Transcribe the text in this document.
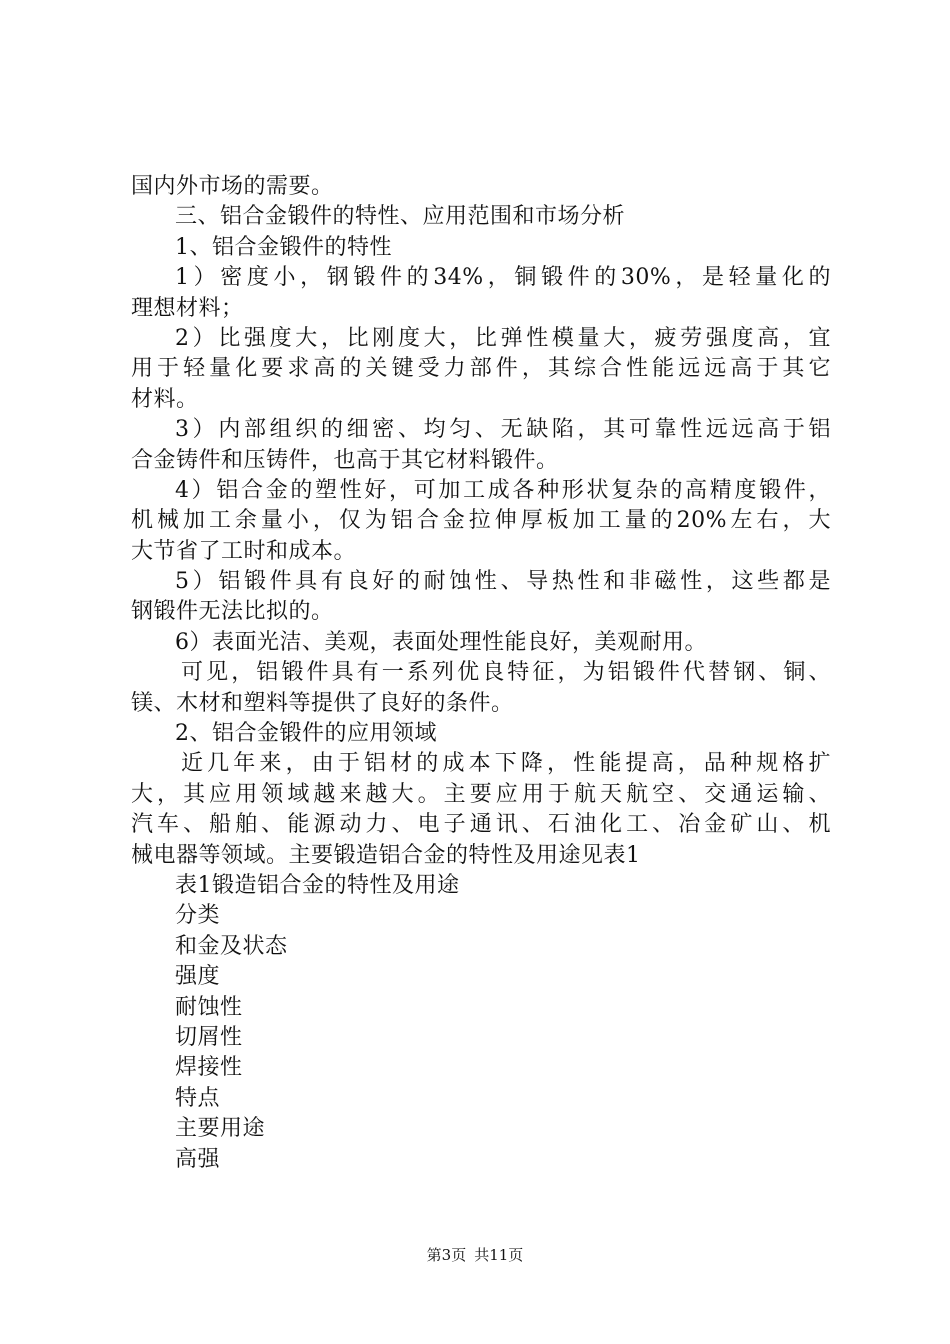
国内外市场的需要。
三、铝合金锻件的特性、应用范围和市场分析
1、铝合金锻件的特性
1）密度小，钢锻件的34%，铜锻件的30%，是轻量化的
理想材料；
2）比强度大，比刚度大，比弹性模量大，疲劳强度高，宜
用于轻量化要求高的关键受力部件，其综合性能远远高于其它
材料。
3）内部组织的细密、均匀、无缺陷，其可靠性远远高于铝
合金铸件和压铸件，也高于其它材料锻件。
4）铝合金的塑性好，可加工成各种形状复杂的高精度锻件，
机械加工余量小，仅为铝合金拉伸厚板加工量的20%左右，大
大节省了工时和成本。
5）铝锻件具有良好的耐蚀性、导热性和非磁性，这些都是
钢锻件无法比拟的。
6）表面光洁、美观，表面处理性能良好，美观耐用。
可见，铝锻件具有一系列优良特征，为铝锻件代替钢、铜、
镁、木材和塑料等提供了良好的条件。
2、铝合金锻件的应用领域
近几年来，由于铝材的成本下降，性能提高，品种规格扩
大，其应用领域越来越大。主要应用于航天航空、交通运输、
汽车、船舶、能源动力、电子通讯、石油化工、冶金矿山、机
械电器等领域。主要锻造铝合金的特性及用途见表1
表1锻造铝合金的特性及用途
分类
和金及状态
强度
耐蚀性
切屑性
焊接性
特点
主要用途
高强
第3页 共11页
